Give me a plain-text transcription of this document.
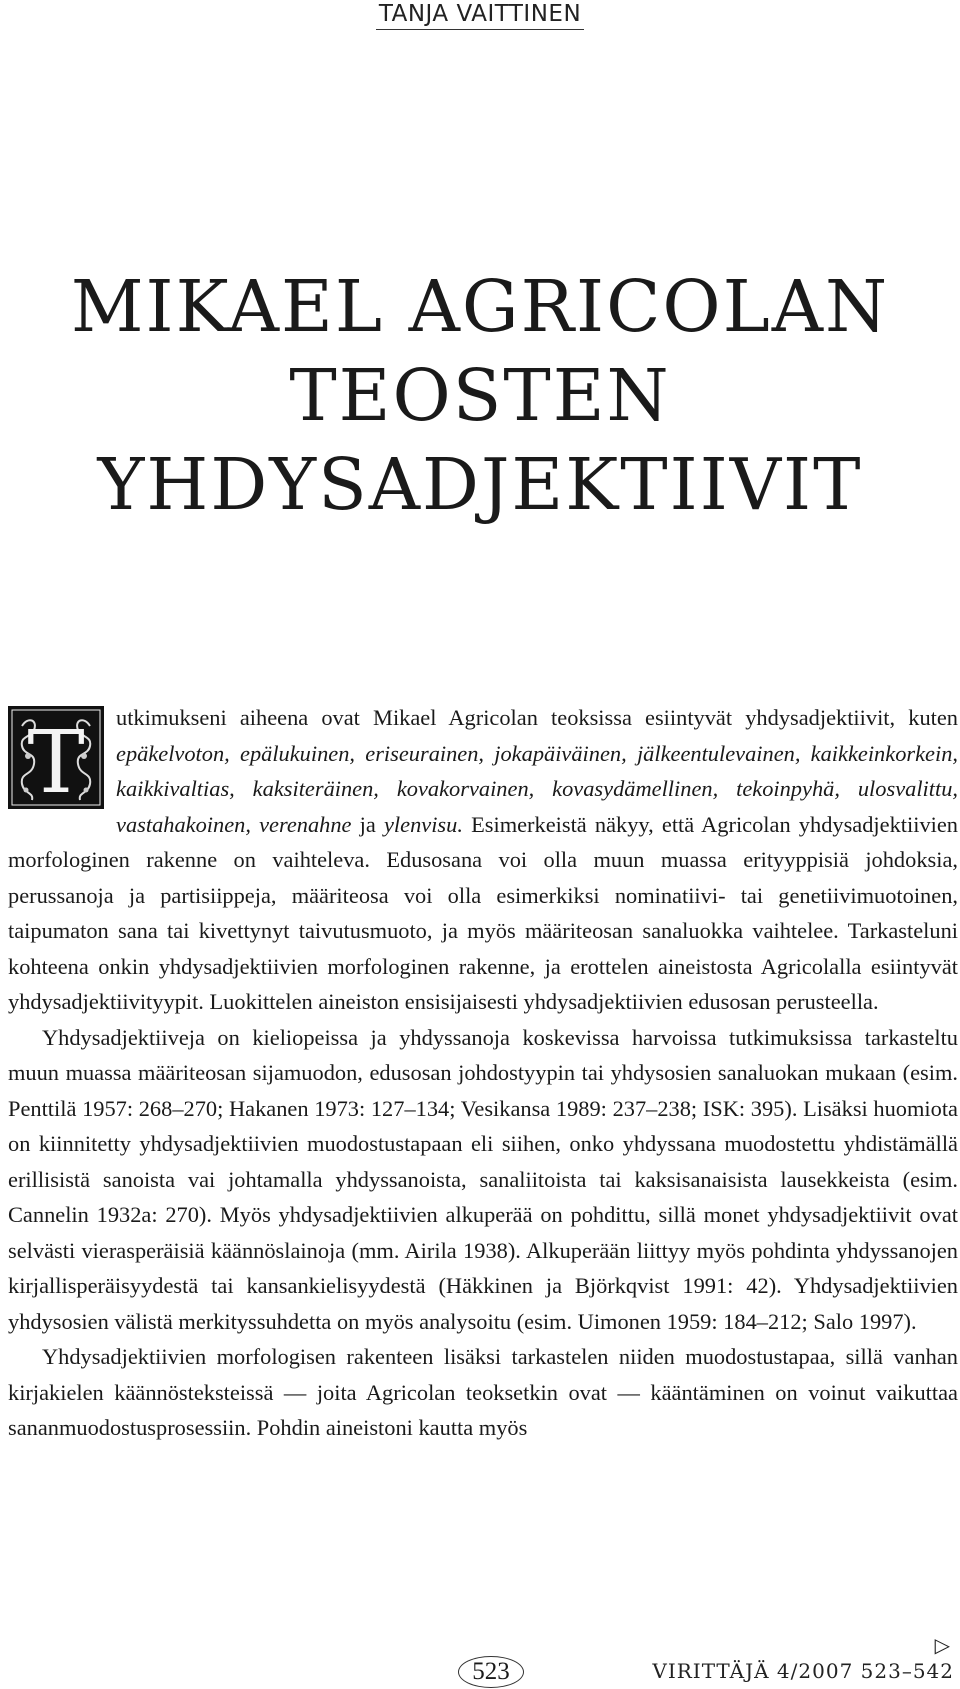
TANJA VAITTINEN
MIKAEL AGRICOLAN
TEOSTEN
YHDYSADJEKTIIVIT

T utkimukseni aiheena ovat Mikael Agricolan teoksissa esiintyvät yhdysadjektiivit, kuten epäkelvoton, epälukuinen, eriseurainen, jokapäiväinen, jälkeentulevainen, kaikkeinkorkein, kaikkivaltias, kaksiteräinen, kovakorvainen, kovasydämellinen, tekoinpyhä, ulosvalittu, vastahakoinen, verenahne ja ylenvisu. Esimerkeistä näkyy, että Agricolan yhdysadjektiivien morfologinen rakenne on vaihteleva. Edusosana voi olla muun muassa erityyppisiä johdoksia, perussanoja ja partisiippeja, määriteosa voi olla esimerkiksi nominatiivi- tai genetiivimuotoinen, taipumaton sana tai kivettynyt taivutusmuoto, ja myös määriteosan sanaluokka vaihtelee. Tarkasteluni kohteena onkin yhdysadjektiivien morfologinen rakenne, ja erottelen aineistosta Agricolalla esiintyvät yhdysadjektiivityypit. Luokittelen aineiston ensisijaisesti yhdysadjektiivien edusosan perusteella.

Yhdysadjektiiveja on kieliopeissa ja yhdyssanoja koskevissa harvoissa tutkimuksissa tarkasteltu muun muassa määriteosan sijamuodon, edusosan johdostyypin tai yhdysosien sanaluokan mukaan (esim. Penttilä 1957: 268–270; Hakanen 1973: 127–134; Vesikansa 1989: 237–238; ISK: 395). Lisäksi huomiota on kiinnitetty yhdysadjektiivien muodostustapaan eli siihen, onko yhdyssana muodostettu yhdistämällä erillisistä sanoista vai johtamalla yhdyssanoista, sanaliitoista tai kaksisanaisista lausekkeista (esim. Cannelin 1932a: 270). Myös yhdysadjektiivien alkuperää on pohdittu, sillä monet yhdysadjektiivit ovat selvästi vierasperäisiä käännöslainoja (mm. Airila 1938). Alkuperään liittyy myös pohdinta yhdyssanojen kirjallisperäisyydestä tai kansankielisyydestä (Häkkinen ja Björkqvist 1991: 42). Yhdysadjektiivien yhdysosien välistä merkityssuhdetta on myös analysoitu (esim. Uimonen 1959: 184–212; Salo 1997).

Yhdysadjektiivien morfologisen rakenteen lisäksi tarkastelen niiden muodostustapaa, sillä vanhan kirjakielen käännösteksteissä — joita Agricolan teoksetkin ovat — kääntäminen on voinut vaikuttaa sananmuodostusprosessiin. Pohdin aineistoni kautta myös

▷
523	VIRITTÄJÄ 4/2007 523–542
